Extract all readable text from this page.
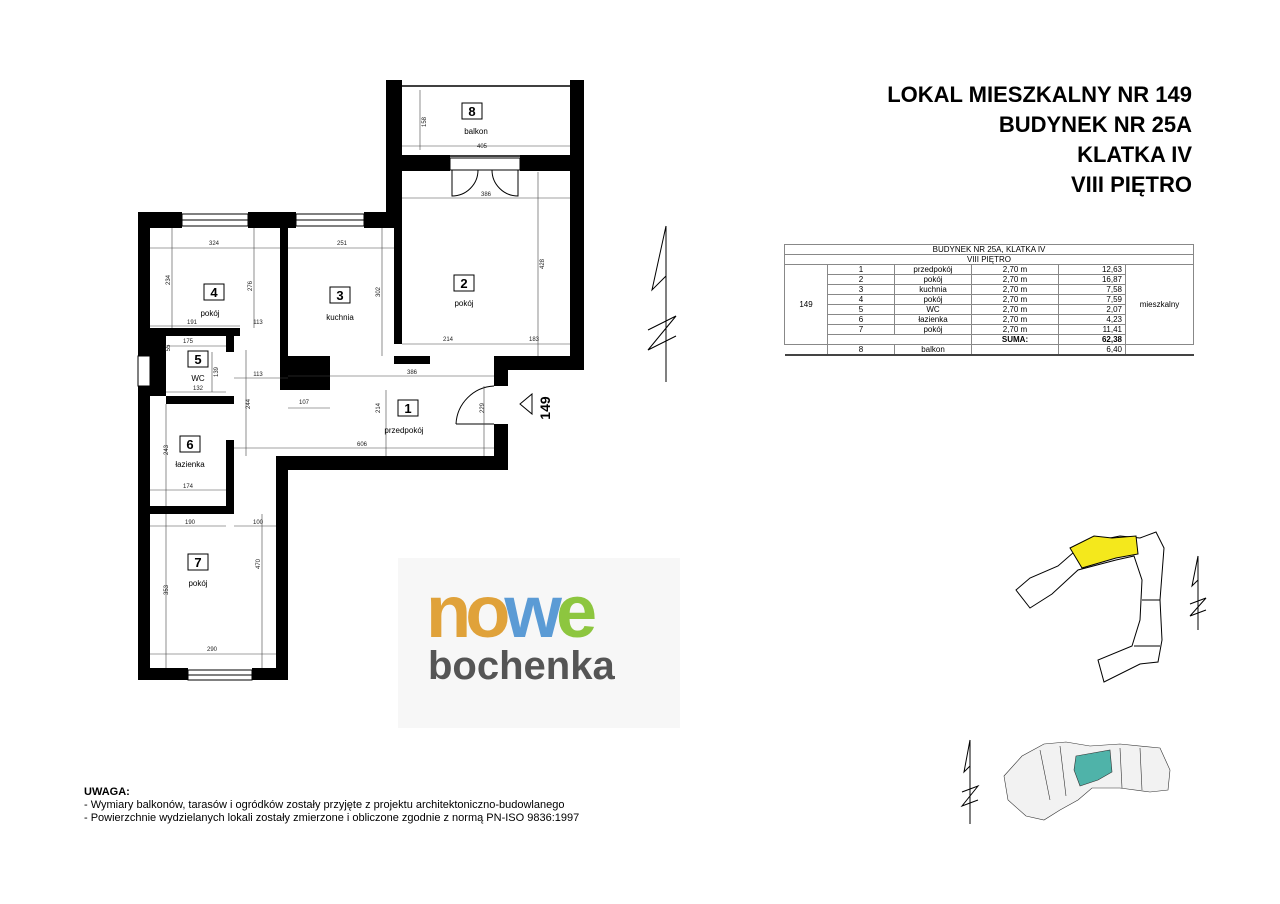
8
balkon
2
pokój
3
kuchnia
4
pokój
5
WC
6
łazienka
7
pokój
1
przedpokój
149
405
158
386
428
324	251
234
276
302
191	113
214	183
175
55
139
132
113	386
107
244	214	229
606
243
174
190	100
353
470
290
LOKAL MIESZKALNY NR 149
BUDYNEK NR 25A
KLATKA IV
VIII PIĘTRO
BUDYNEK NR 25A, KLATKA IV					
VIII PIĘTRO					
149	1	przedpokój	2,70 m	12,63	mieszkalny
	2	pokój	2,70 m	16,87	
	3	kuchnia	2,70 m	7,58	
	4	pokój	2,70 m	7,59	
	5	WC	2,70 m	2,07	
	6	łazienka	2,70 m	4,23	
	7	pokój	2,70 m	11,41	
			SUMA:	62,38	
	8	balkon		6,40	
nowe
bochenka
UWAGA:
- Wymiary balkonów, tarasów i ogródków zostały przyjęte z projektu architektoniczno-budowlanego
- Powierzchnie wydzielanych lokali zostały zmierzone i obliczone zgodnie z normą PN-ISO 9836:1997
